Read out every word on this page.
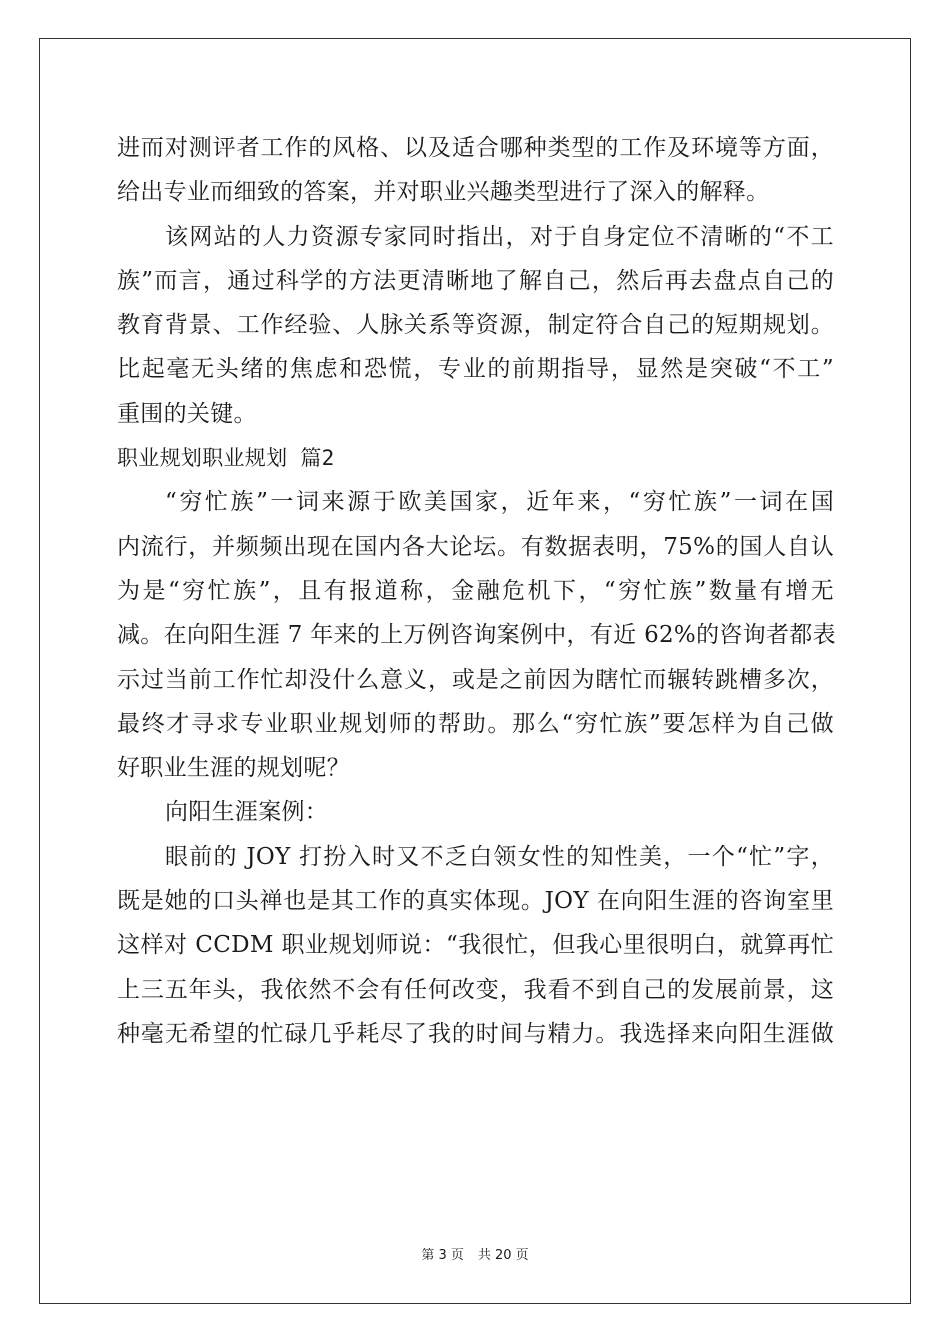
进而对测评者工作的风格、以及适合哪种类型的工作及环境等方面，
给出专业而细致的答案，并对职业兴趣类型进行了深入的解释。
该网站的人力资源专家同时指出，对于自身定位不清晰的“不工
族”而言，通过科学的方法更清晰地了解自己，然后再去盘点自己的
教育背景、工作经验、人脉关系等资源，制定符合自己的短期规划。
比起毫无头绪的焦虑和恐慌，专业的前期指导，显然是突破“不工”
重围的关键。
职业规划职业规划 篇2
“穷忙族”一词来源于欧美国家，近年来，“穷忙族”一词在国
内流行，并频频出现在国内各大论坛。有数据表明，75%的国人自认
为是“穷忙族”，且有报道称，金融危机下，“穷忙族”数量有增无
减。在向阳生涯 7 年来的上万例咨询案例中，有近 62%的咨询者都表
示过当前工作忙却没什么意义，或是之前因为瞎忙而辗转跳槽多次，
最终才寻求专业职业规划师的帮助。那么“穷忙族”要怎样为自己做
好职业生涯的规划呢？
向阳生涯案例：
眼前的 JOY 打扮入时又不乏白领女性的知性美，一个“忙”字，
既是她的口头禅也是其工作的真实体现。JOY 在向阳生涯的咨询室里
这样对 CCDM 职业规划师说：“我很忙，但我心里很明白，就算再忙
上三五年头，我依然不会有任何改变，我看不到自己的发展前景，这
种毫无希望的忙碌几乎耗尽了我的时间与精力。我选择来向阳生涯做
第 3 页 共 20 页
